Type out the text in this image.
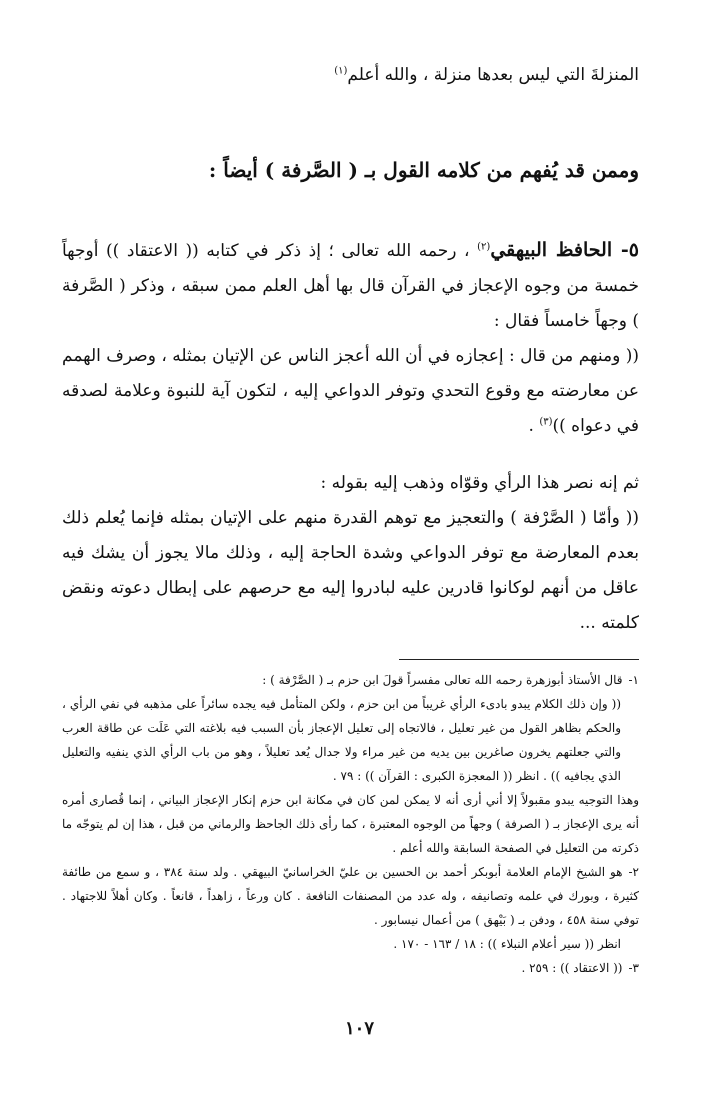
المنزلةَ التي ليس بعدها منزلة ، والله أعلم$^{(١)}$

وممن قد يُفهم من كلامه القول بـ ( الصَّرفة ) أيضاً :

٥- الحافظ البيهقي$^{(٢)}$ ، رحمه الله تعالى ؛ إذ ذكر في كتابه (( الاعتقاد )) أوجهاً خمسة من وجوه الإعجاز في القرآن قال بها أهل العلم ممن سبقه ، وذكر ( الصَّرفة ) وجهاً خامساً فقال :

(( ومنهم من قال : إعجازه في أن الله أعجز الناس عن الإتيان بمثله ، وصرف الهمم عن معارضته مع وقوع التحدي وتوفر الدواعي إليه ، لتكون آية للنبوة وعلامة لصدقه في دعواه ))$^{(٣)}$ .

ثم إنه نصر هذا الرأي وقوّاه وذهب إليه بقوله :

(( وأمّا ( الصَّرْفة ) والتعجيز مع توهم القدرة منهم على الإتيان بمثله فإنما يُعلم ذلك بعدم المعارضة مع توفر الدواعي وشدة الحاجة إليه ، وذلك مالا يجوز أن يشك فيه عاقل من أنهم لوكانوا قادرين عليه لبادروا إليه مع حرصهم على إبطال دعوته ونقض كلمته ...

١-قال الأستاذ أبوزهرة رحمه الله تعالى مفسراً قولَ ابن حزم بـ ( الصَّرْفة ) :

(( وإن ذلك الكلام يبدو بادىء الرأي غريباً من ابن حزم ، ولكن المتأمل فيه يجده سائراً على مذهبه في نفي الرأي ، والحكم بظاهر القول من غير تعليل ، فالاتجاه إلى تعليل الإعجاز بأن السبب فيه بلاغته التي عَلَت عن طاقة العرب والتي جعلتهم يخرون صاغرين بين يديه من غير مراء ولا جدال يُعد تعليلاً ، وهو من باب الرأي الذي ينفيه والتعليل الذي يجافيه )) . انظر (( المعجزة الكبرى : القرآن )) : ٧٩ .

وهذا التوجيه يبدو مقبولاً إلا أني أرى أنه لا يمكن لمن كان في مكانة ابن حزم إنكار الإعجاز البياني ، إنما قُصارى أمره أنه يرى الإعجاز بـ ( الصرفة ) وجهاً من الوجوه المعتبرة ، كما رأى ذلك الجاحظ والرماني من قبل ، هذا إن لم يتوجّه ما ذكرته من التعليل في الصفحة السابقة والله أعلم .

٢-هو الشيخ الإمام العلامة أبوبكر أحمد بن الحسين بن عليّ الخراسانيّ البيهقي . ولد سنة ٣٨٤ ، و سمع من طائفة كثيرة ، وبورك في علمه وتصانيفه ، وله عدد من المصنفات النافعة . كان ورعاً ، زاهداً ، قانعاً . وكان أهلاً للاجتهاد . توفي سنة ٤٥٨ ، ودفن بـ ( بَيْهق ) من أعمال نيسابور .

انظر (( سير أعلام النبلاء )) : ١٨ / ١٦٣ - ١٧٠ .

٣-(( الاعتقاد )) : ٢٥٩ .

١٠٧
